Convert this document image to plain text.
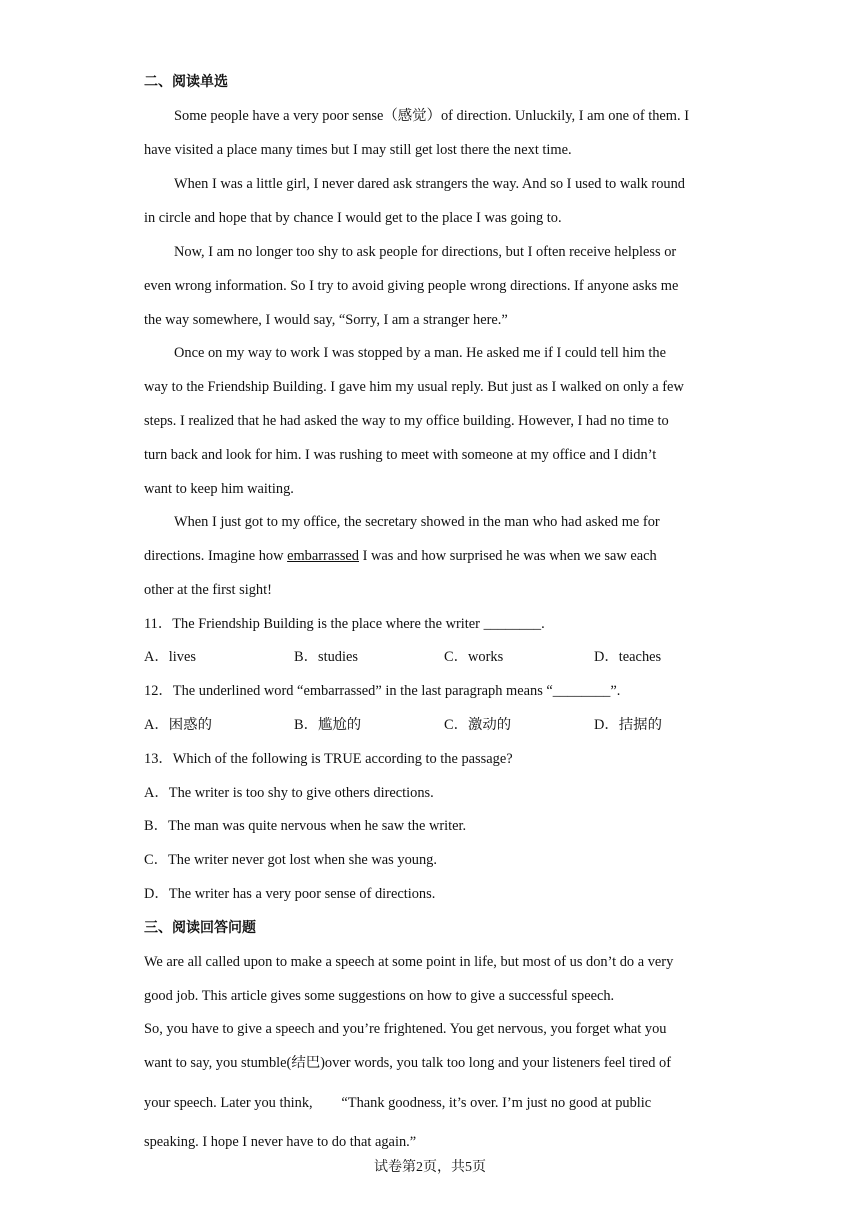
二、阅读单选
Some people have a very poor sense（感觉）of direction. Unluckily, I am one of them. I
have visited a place many times but I may still get lost there the next time.
When I was a little girl, I never dared ask strangers the way. And so I used to walk round
in circle and hope that by chance I would get to the place I was going to.
Now, I am no longer too shy to ask people for directions, but I often receive helpless or
even wrong information. So I try to avoid giving people wrong directions. If anyone asks me
the way somewhere, I would say, “Sorry, I am a stranger here.”
Once on my way to work I was stopped by a man. He asked me if I could tell him the
way to the Friendship Building. I gave him my usual reply. But just as I walked on only a few
steps. I realized that he had asked the way to my office building. However, I had no time to
turn back and look for him. I was rushing to meet with someone at my office and I didn’t
want to keep him waiting.
When I just got to my office, the secretary showed in the man who had asked me for
directions. Imagine how embarrassed I was and how surprised he was when we saw each
other at the first sight!
11．The Friendship Building is the place where the writer ________.
A．lives	B．studies	C．works	D．teaches
12．The underlined word “embarrassed” in the last paragraph means “________”.
A．困惑的	B．尴尬的	C．激动的	D．拮据的
13．Which of the following is TRUE according to the passage?
A．The writer is too shy to give others directions.
B．The man was quite nervous when he saw the writer.
C．The writer never got lost when she was young.
D．The writer has a very poor sense of directions.
三、阅读回答问题
We are all called upon to make a speech at some point in life, but most of us don’t do a very
good job. This article gives some suggestions on how to give a successful speech.
So, you have to give a speech and you’re frightened. You get nervous, you forget what you
want to say, you stumble(结巴)over words, you talk too long and your listeners feel tired of
your speech. Later you think,        “Thank goodness, it’s over. I’m just no good at public
speaking. I hope I never have to do that again.”
试卷第2页，共5页
